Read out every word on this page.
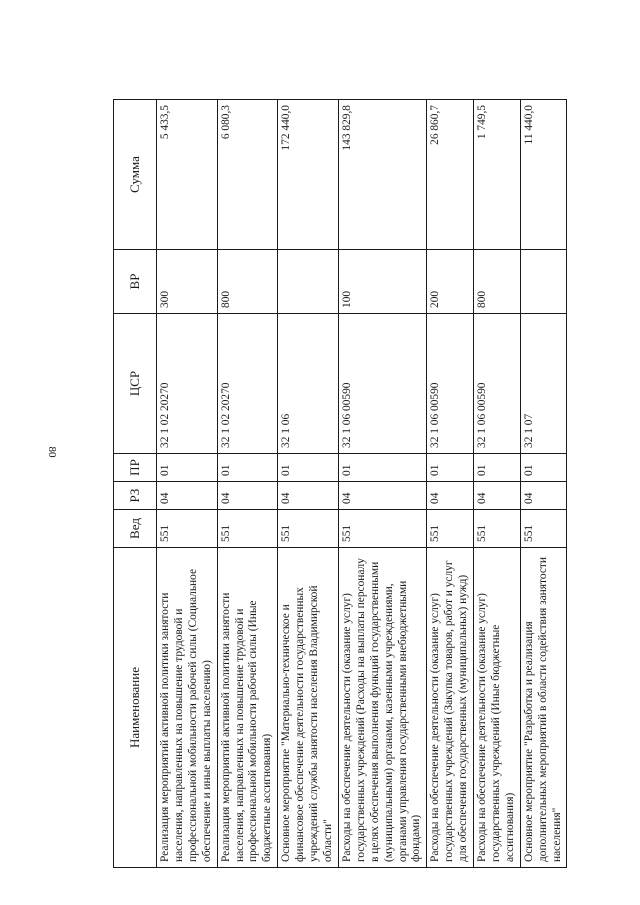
80
Наименование	Вед	РЗ	ПР	ЦСР	ВР	Сумма
Реализация мероприятий активной политики занятости населения, направленных на повышение трудовой и профессиональной мобильности рабочей силы (Социальное обеспечение и иные выплаты населению)	551	04	01	32 1 02 20270	300	5 433,5
Реализация мероприятий активной политики занятости населения, направленных на повышение трудовой и профессиональной мобильности рабочей силы (Иные бюджетные ассигнования)	551	04	01	32 1 02 20270	800	6 080,3
Основное мероприятие "Материально-техническое и финансовое обеспечение деятельности государственных учреждений службы занятости населения Владимирской области"	551	04	01	32 1 06		172 440,0
Расходы на обеспечение деятельности (оказание услуг) государственных учреждений (Расходы на выплаты персоналу в целях обеспечения выполнения функций государственными (муниципальными) органами, казенными учреждениями, органами управления государственными внебюджетными фондами)	551	04	01	32 1 06 00590	100	143 829,8
Расходы на обеспечение деятельности (оказание услуг) государственных учреждений (Закупка товаров, работ и услуг для обеспечения государственных (муниципальных) нужд)	551	04	01	32 1 06 00590	200	26 860,7
Расходы на обеспечение деятельности (оказание услуг) государственных учреждений (Иные бюджетные ассигнования)	551	04	01	32 1 06 00590	800	1 749,5
Основное мероприятие "Разработка и реализация дополнительных мероприятий в области содействия занятости населения"	551	04	01	32 1 07		11 440,0
